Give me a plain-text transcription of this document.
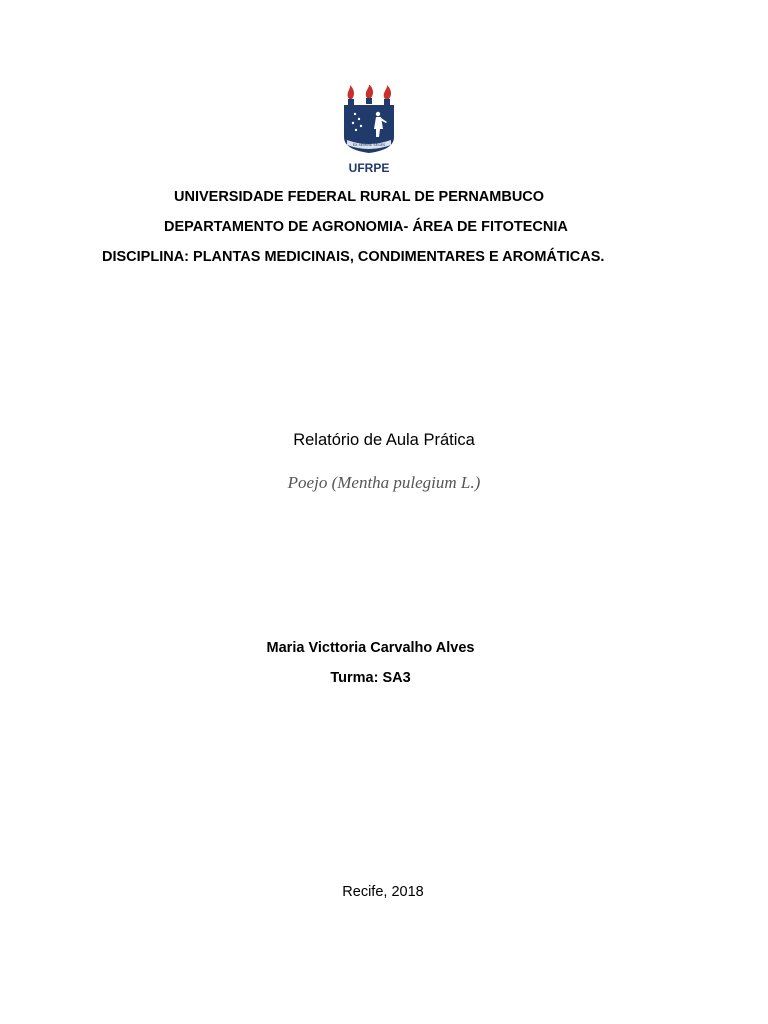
EX SEMINE SEGES
UFRPE
UNIVERSIDADE FEDERAL RURAL DE PERNAMBUCO
DEPARTAMENTO DE AGRONOMIA- ÁREA DE FITOTECNIA
DISCIPLINA: PLANTAS MEDICINAIS, CONDIMENTARES E AROMÁTICAS.
Relatório de Aula Prática
Poejo (Mentha pulegium L.)
Maria Victtoria Carvalho Alves
Turma: SA3
Recife, 2018
